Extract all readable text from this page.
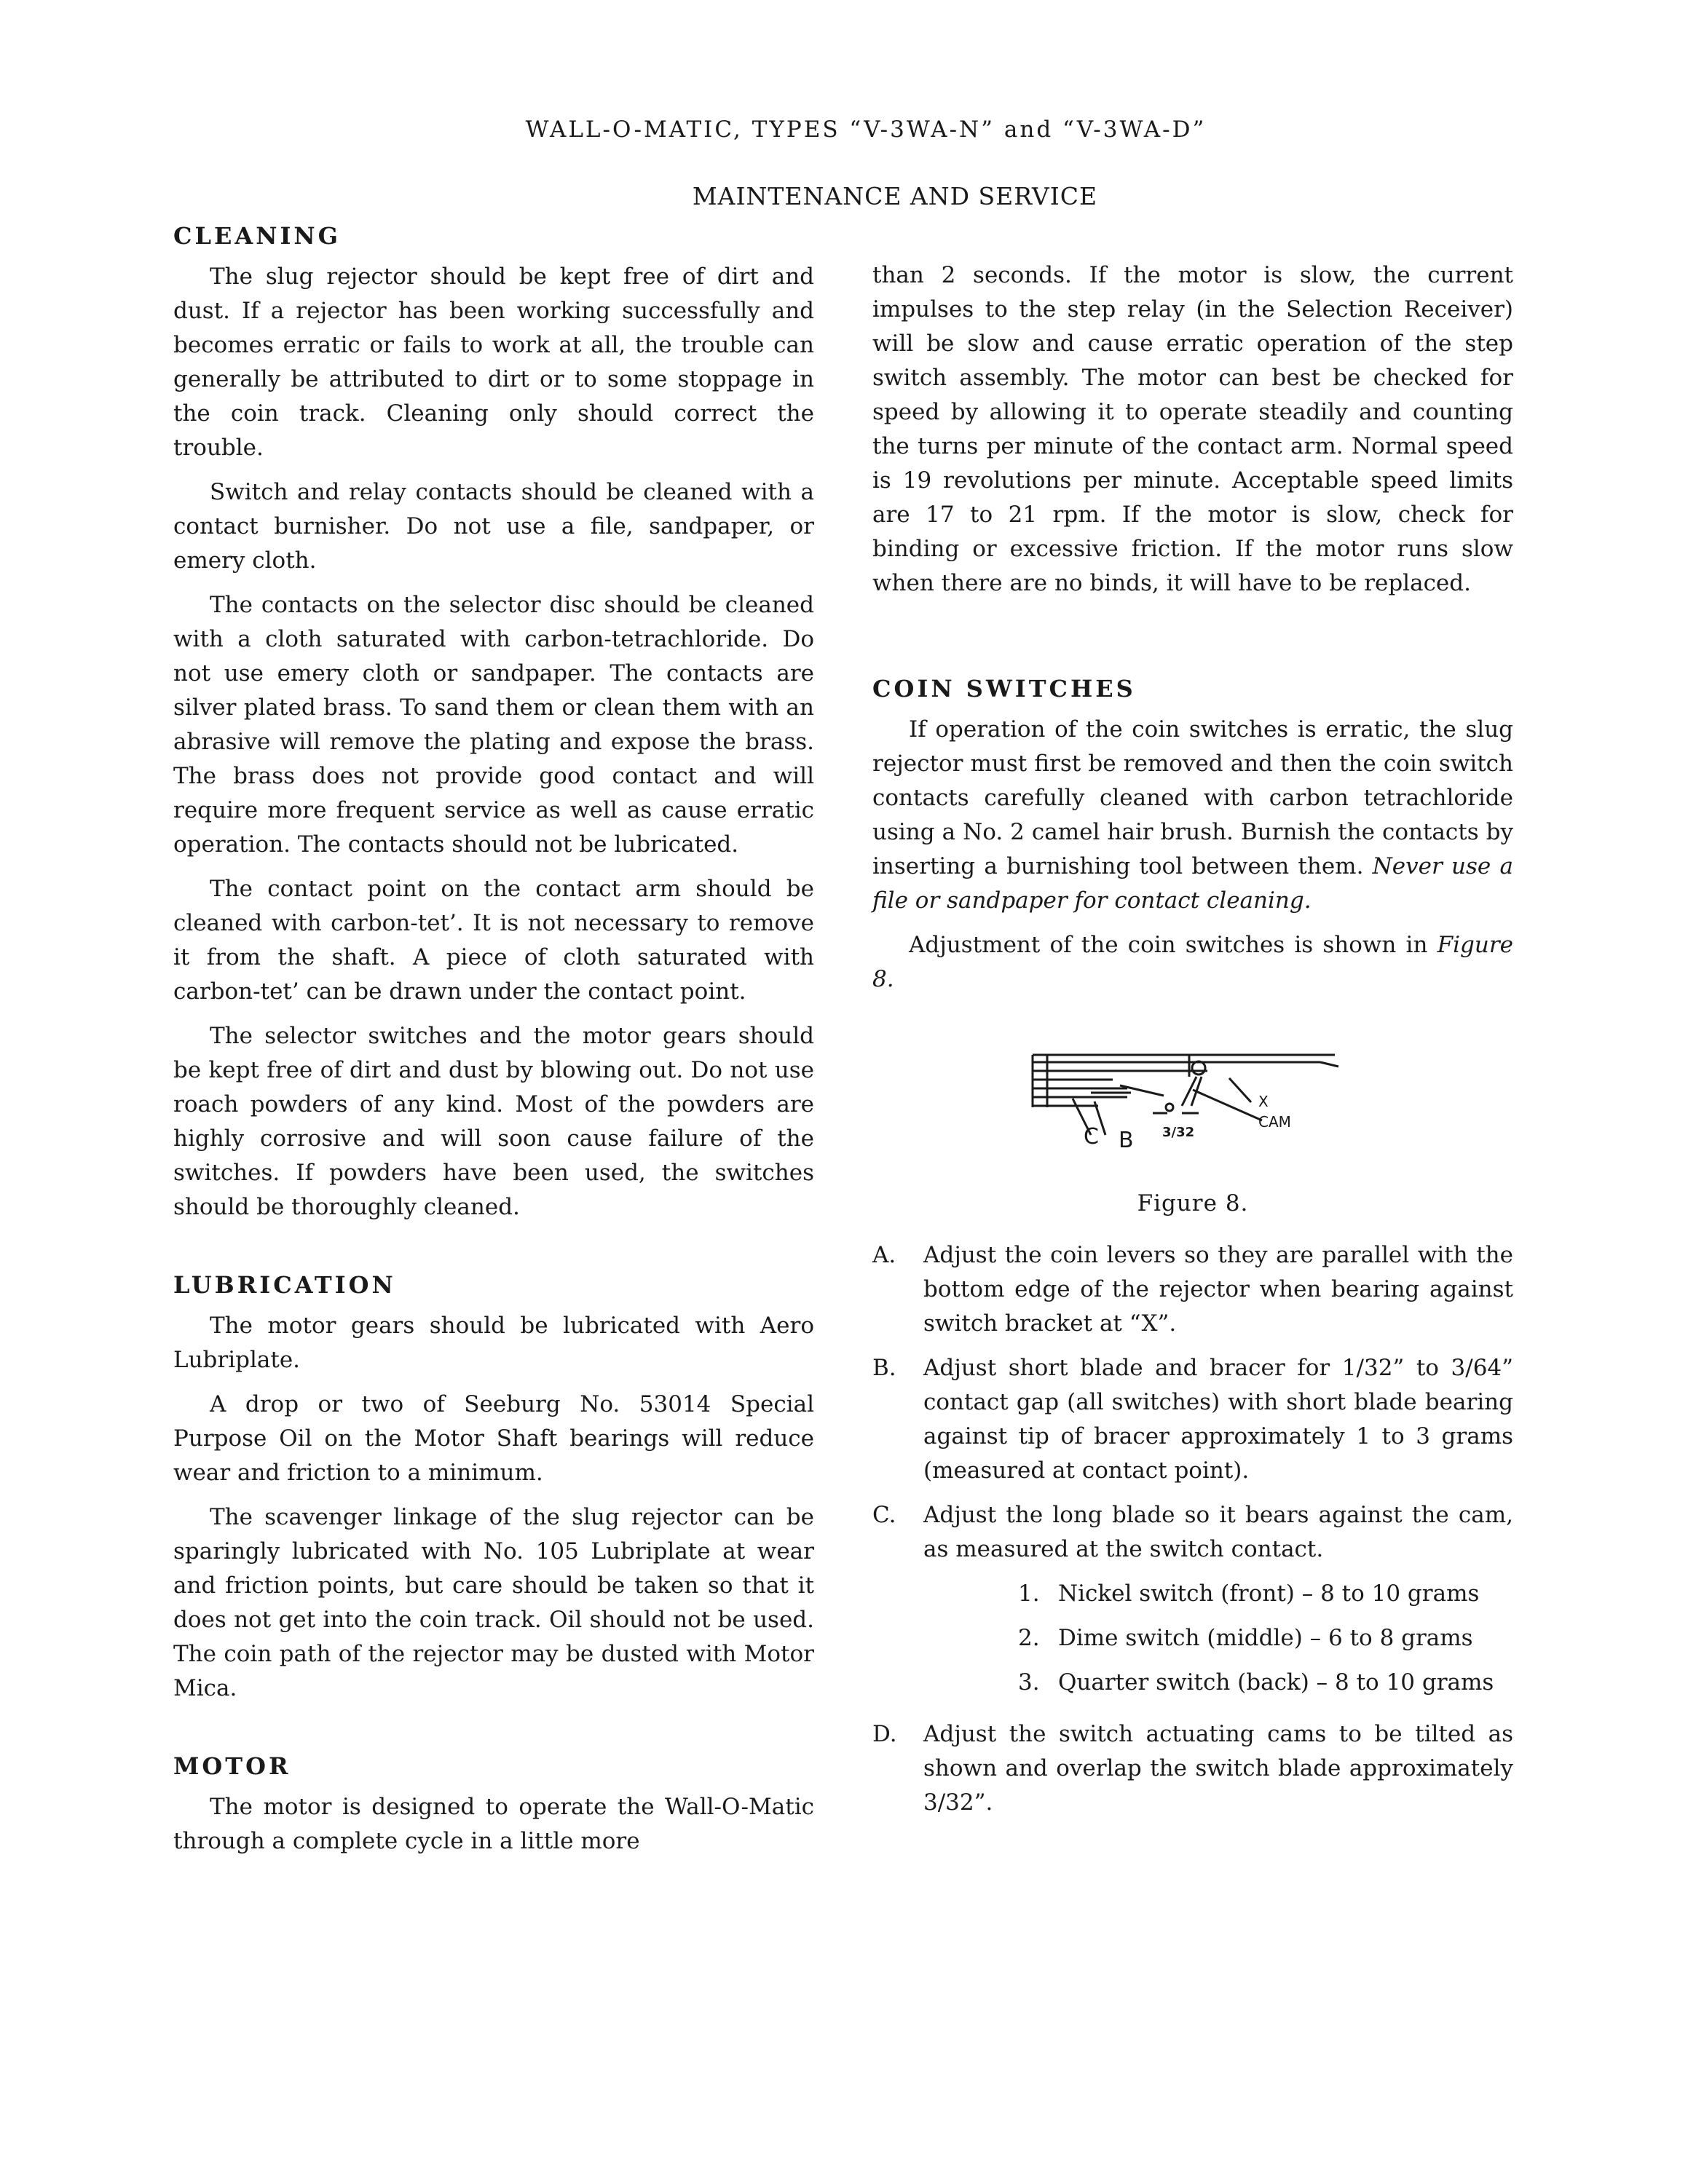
WALL-O-MATIC, TYPES “V-3WA-N” and “V-3WA-D”
MAINTENANCE AND SERVICE
CLEANING

The slug rejector should be kept free of dirt and dust. If a rejector has been working successfully and becomes erratic or fails to work at all, the trouble can generally be attributed to dirt or to some stoppage in the coin track. Cleaning only should correct the trouble.

Switch and relay contacts should be cleaned with a contact burnisher. Do not use a file, sandpaper, or emery cloth.

The contacts on the selector disc should be cleaned with a cloth saturated with carbon-tetrachloride. Do not use emery cloth or sandpaper. The contacts are silver plated brass. To sand them or clean them with an abrasive will remove the plating and expose the brass. The brass does not provide good contact and will require more frequent service as well as cause erratic operation. The contacts should not be lubricated.

The contact point on the contact arm should be cleaned with carbon-tet’. It is not necessary to remove it from the shaft. A piece of cloth saturated with carbon-tet’ can be drawn under the contact point.

The selector switches and the motor gears should be kept free of dirt and dust by blowing out. Do not use roach powders of any kind. Most of the powders are highly corrosive and will soon cause failure of the switches. If powders have been used, the switches should be thoroughly cleaned.

LUBRICATION

The motor gears should be lubricated with Aero Lubriplate.

A drop or two of Seeburg No. 53014 Special Purpose Oil on the Motor Shaft bearings will reduce wear and friction to a minimum.

The scavenger linkage of the slug rejector can be sparingly lubricated with No. 105 Lubriplate at wear and friction points, but care should be taken so that it does not get into the coin track. Oil should not be used. The coin path of the rejector may be dusted with Motor Mica.

MOTOR

The motor is designed to operate the Wall-O-Matic through a complete cycle in a little more

than 2 seconds. If the motor is slow, the current impulses to the step relay (in the Selection Receiver) will be slow and cause erratic operation of the step switch assembly. The motor can best be checked for speed by allowing it to operate steadily and counting the turns per minute of the contact arm. Normal speed is 19 revolutions per minute. Acceptable speed limits are 17 to 21 rpm. If the motor is slow, check for binding or excessive friction. If the motor runs slow when there are no binds, it will have to be replaced.

COIN SWITCHES

If operation of the coin switches is erratic, the slug rejector must first be removed and then the coin switch contacts carefully cleaned with carbon tetrachloride using a No. 2 camel hair brush. Burnish the contacts by inserting a burnishing tool between them. Never use a file or sandpaper for contact cleaning.

Adjustment of the coin switches is shown in Figure 8.

C B 3/32
CAM
X
Figure 8.
A.	Adjust the coin levers so they are parallel with the bottom edge of the rejector when bearing against switch bracket at “X”.
B.	Adjust short blade and bracer for 1/32” to 3/64” contact gap (all switches) with short blade bearing against tip of bracer approximately 1 to 3 grams (measured at contact point).
C.	Adjust the long blade so it bears against the cam, as measured at the switch contact.
1. Nickel switch (front) – 8 to 10 grams
2. Dime switch (middle) – 6 to 8 grams
3. Quarter switch (back) – 8 to 10 grams
D.	Adjust the switch actuating cams to be tilted as shown and overlap the switch blade approximately 3/32”.
